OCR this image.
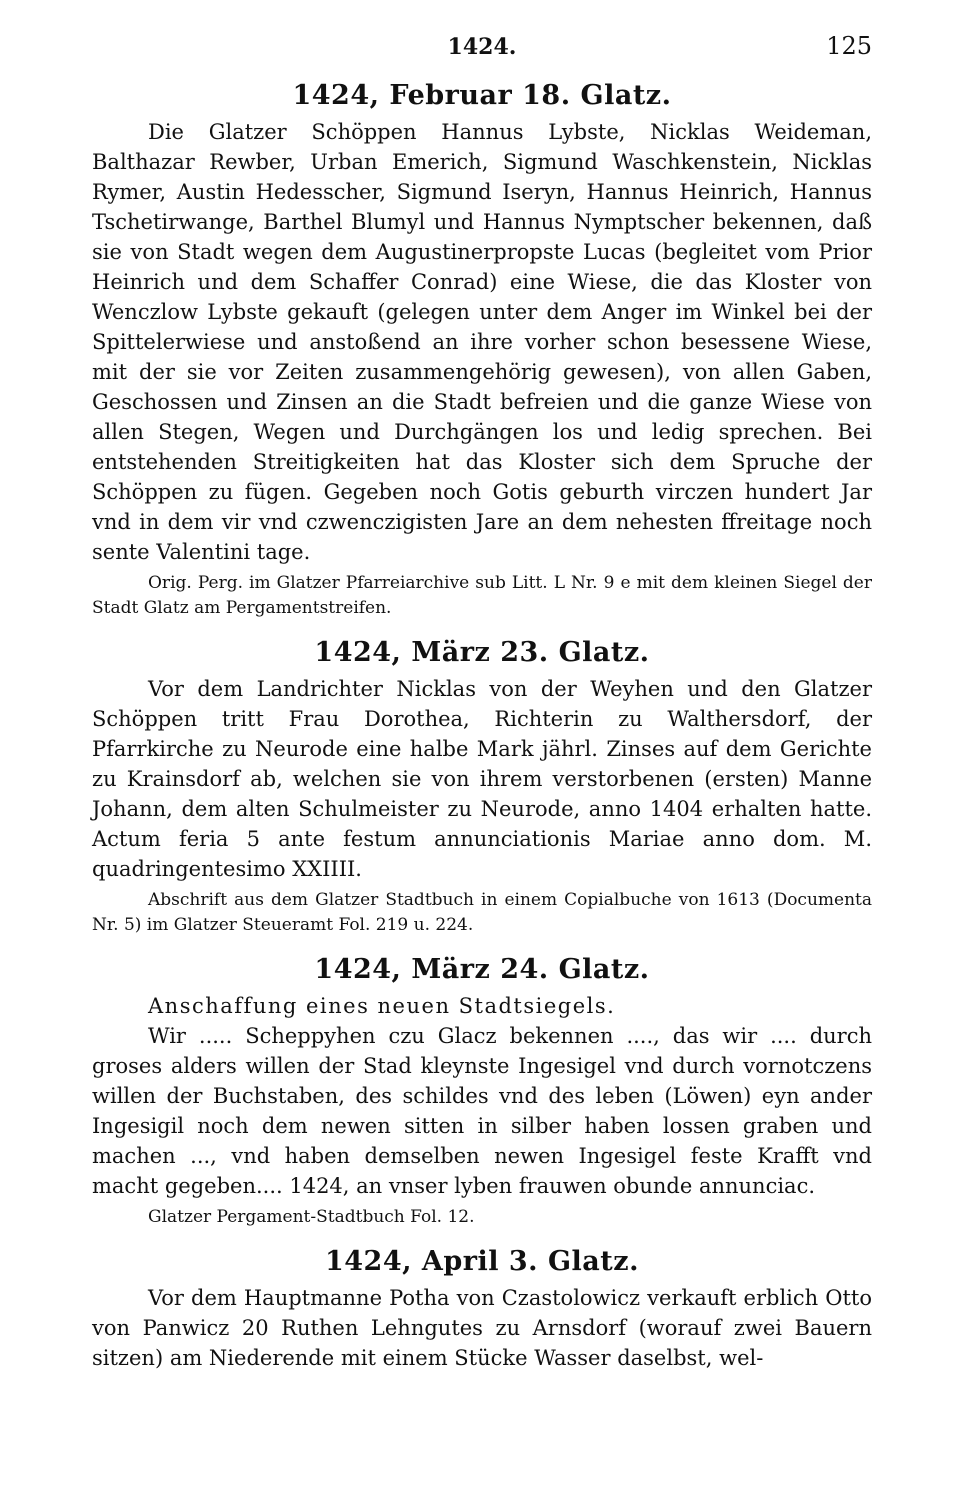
1424.	125
1424, Februar 18. Glatz.

Die Glatzer Schöppen Hannus Lybste, Nicklas Weideman, Balthazar Rewber, Urban Emerich, Sigmund Waschkenstein, Nicklas Rymer, Austin Hedesscher, Sigmund Iseryn, Hannus Heinrich, Hannus Tschetirwange, Barthel Blumyl und Hannus Nymptscher bekennen, daß sie von Stadt wegen dem Augustinerpropste Lucas (begleitet vom Prior Heinrich und dem Schaffer Conrad) eine Wiese, die das Kloster von Wenczlow Lybste gekauft (gelegen unter dem Anger im Winkel bei der Spittelerwiese und anstoßend an ihre vorher schon besessene Wiese, mit der sie vor Zeiten zusammengehörig gewesen), von allen Gaben, Geschossen und Zinsen an die Stadt befreien und die ganze Wiese von allen Stegen, Wegen und Durchgängen los und ledig sprechen. Bei entstehenden Streitigkeiten hat das Kloster sich dem Spruche der Schöppen zu fügen. Gegeben noch Gotis geburth virczen hundert Jar vnd in dem vir vnd czwenczigisten Jare an dem nehesten ffreitage noch sente Valentini tage.

Orig. Perg. im Glatzer Pfarreiarchive sub Litt. L Nr. 9 e mit dem kleinen Siegel der Stadt Glatz am Pergamentstreifen.

1424, März 23. Glatz.

Vor dem Landrichter Nicklas von der Weyhen und den Glatzer Schöppen tritt Frau Dorothea, Richterin zu Walthersdorf, der Pfarrkirche zu Neurode eine halbe Mark jährl. Zinses auf dem Gerichte zu Krainsdorf ab, welchen sie von ihrem verstorbenen (ersten) Manne Johann, dem alten Schulmeister zu Neurode, anno 1404 erhalten hatte. Actum feria 5 ante festum annunciationis Mariae anno dom. M. quadringentesimo XXIIII.

Abschrift aus dem Glatzer Stadtbuch in einem Copialbuche von 1613 (Documenta Nr. 5) im Glatzer Steueramt Fol. 219 u. 224.

1424, März 24. Glatz.

Anschaffung eines neuen Stadtsiegels.

Wir ..... Scheppyhen czu Glacz bekennen ...., das wir .... durch groses alders willen der Stad kleynste Ingesigel vnd durch vornotczens willen der Buchstaben, des schildes vnd des leben (Löwen) eyn ander Ingesigil noch dem newen sitten in silber haben lossen graben und machen ..., vnd haben demselben newen Ingesigel feste Krafft vnd macht gegeben.... 1424, an vnser lyben frauwen obunde annunciac.

Glatzer Pergament-Stadtbuch Fol. 12.

1424, April 3. Glatz.

Vor dem Hauptmanne Potha von Czastolowicz verkauft erblich Otto von Panwicz 20 Ruthen Lehngutes zu Arnsdorf (worauf zwei Bauern sitzen) am Niederende mit einem Stücke Wasser daselbst, wel-
